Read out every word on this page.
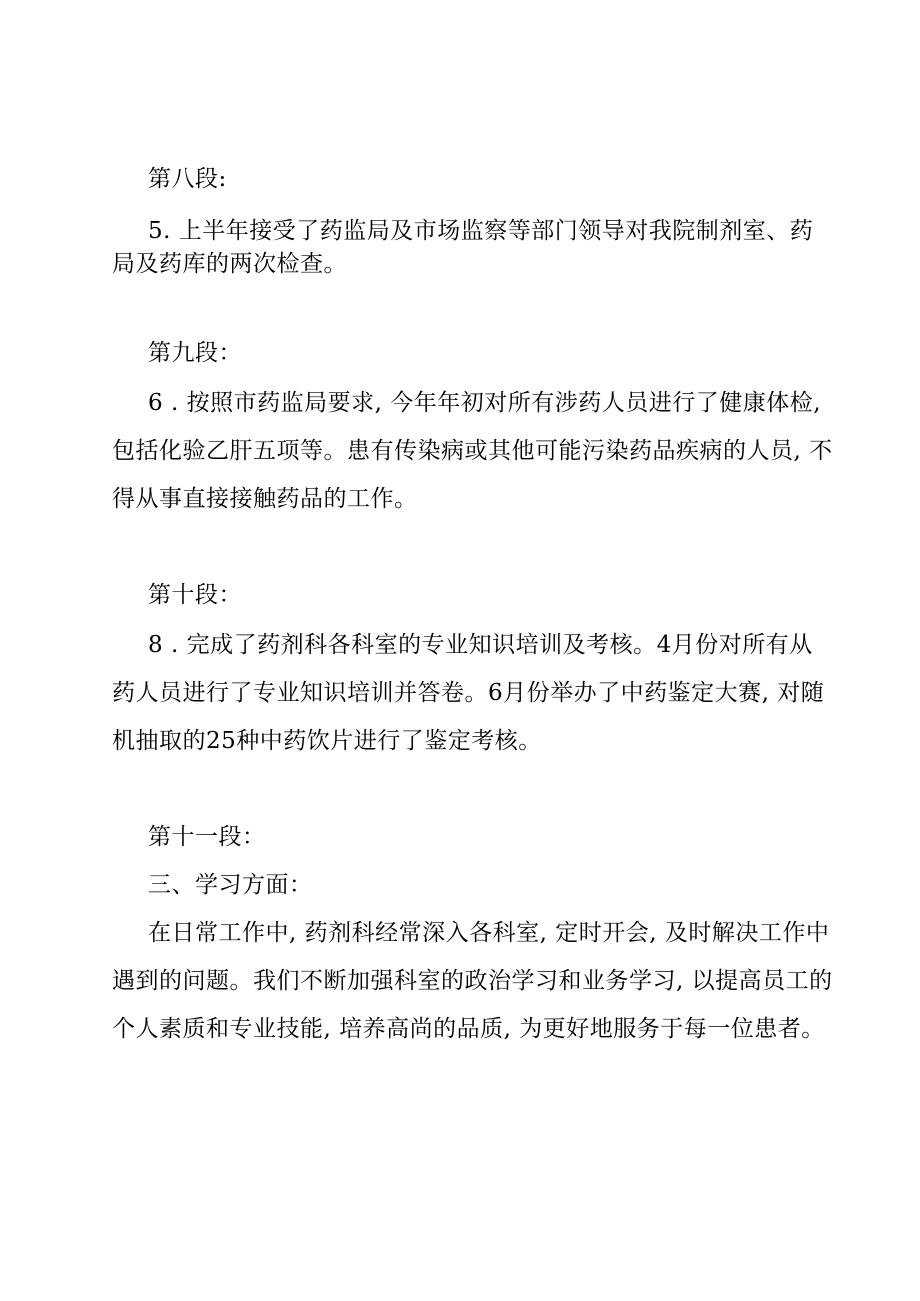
第八段:
5. 上半年接受了药监局及市场监察等部门领导对我院制剂室、药
局及药库的两次检查。
第九段：
6 . 按照市药监局要求, 今年年初对所有涉药人员进行了健康体检,
包括化验乙肝五项等。患有传染病或其他可能污染药品疾病的人员, 不
得从事直接接触药品的工作。
第十段：
8 . 完成了药剂科各科室的专业知识培训及考核。4月份对所有从
药人员进行了专业知识培训并答卷。6月份举办了中药鉴定大赛, 对随
机抽取的25种中药饮片进行了鉴定考核。
第十一段：
三、学习方面：
在日常工作中, 药剂科经常深入各科室, 定时开会, 及时解决工作中
遇到的问题。我们不断加强科室的政治学习和业务学习, 以提高员工的
个人素质和专业技能, 培养高尚的品质, 为更好地服务于每一位患者。
